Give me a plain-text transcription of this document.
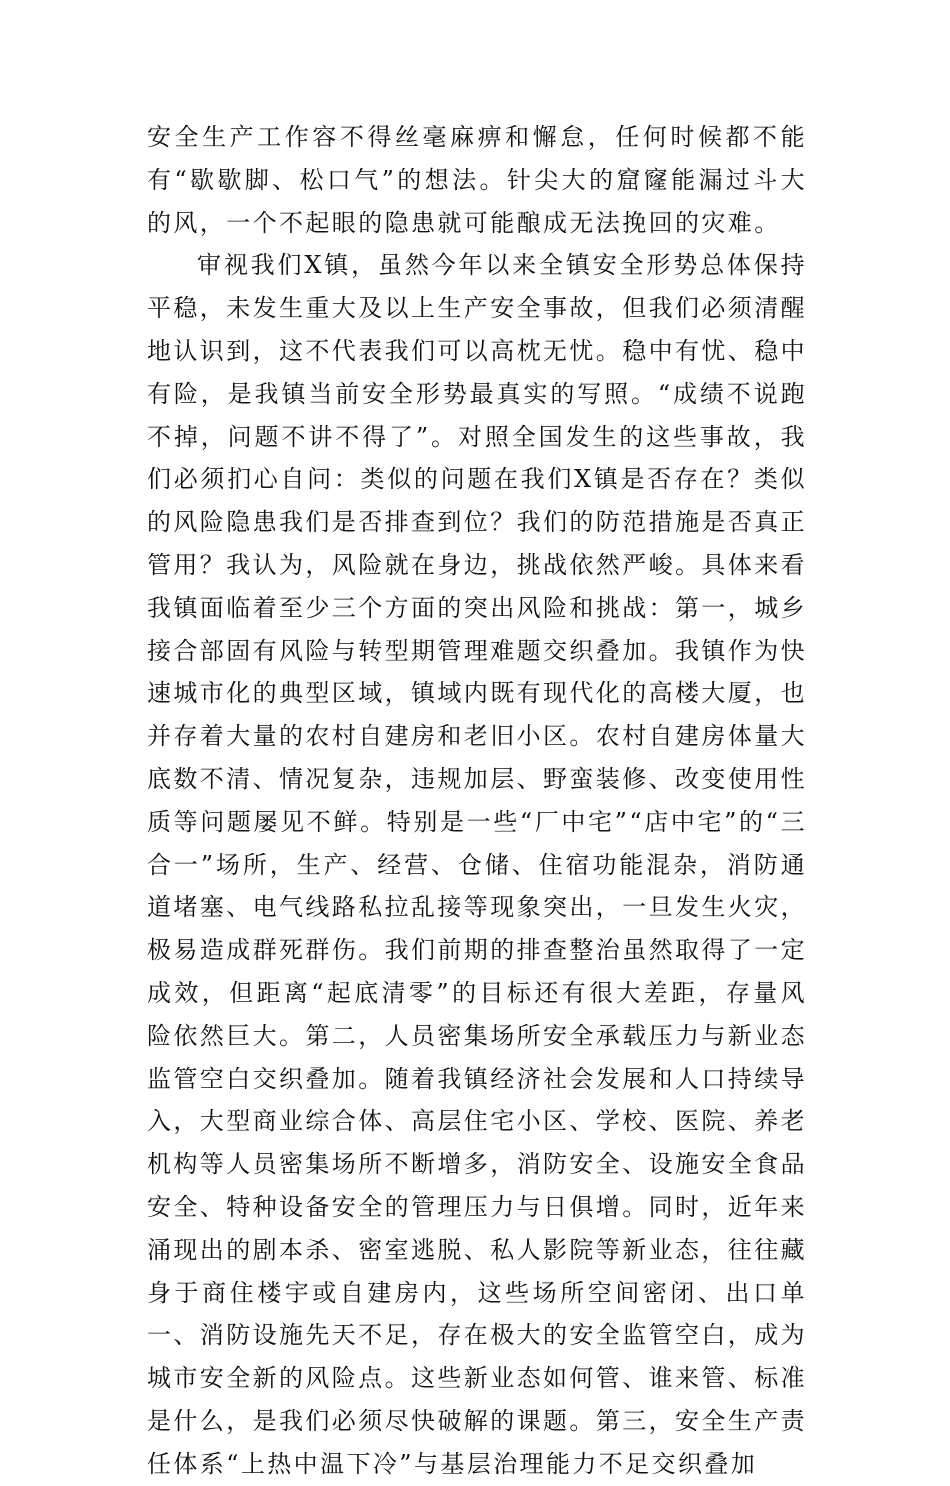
安全生产工作容不得丝毫麻痹和懈怠，任何时候都不能有“歇歇脚、松口气”的想法。针尖大的窟窿能漏过斗大的风，一个不起眼的隐患就可能酿成无法挽回的灾难。

审视我们X镇，虽然今年以来全镇安全形势总体保持平稳，未发生重大及以上生产安全事故，但我们必须清醒地认识到，这不代表我们可以高枕无忧。稳中有忧、稳中有险，是我镇当前安全形势最真实的写照。“成绩不说跑不掉，问题不讲不得了”。对照全国发生的这些事故，我们必须扪心自问：类似的问题在我们X镇是否存在？类似的风险隐患我们是否排查到位？我们的防范措施是否真正管用？我认为，风险就在身边，挑战依然严峻。具体来看我镇面临着至少三个方面的突出风险和挑战：第一，城乡接合部固有风险与转型期管理难题交织叠加。我镇作为快速城市化的典型区域，镇域内既有现代化的高楼大厦，也并存着大量的农村自建房和老旧小区。农村自建房体量大底数不清、情况复杂，违规加层、野蛮装修、改变使用性质等问题屡见不鲜。特别是一些“厂中宅”“店中宅”的“三合一”场所，生产、经营、仓储、住宿功能混杂，消防通道堵塞、电气线路私拉乱接等现象突出，一旦发生火灾，极易造成群死群伤。我们前期的排查整治虽然取得了一定成效，但距离“起底清零”的目标还有很大差距，存量风险依然巨大。第二，人员密集场所安全承载压力与新业态监管空白交织叠加。随着我镇经济社会发展和人口持续导入，大型商业综合体、高层住宅小区、学校、医院、养老机构等人员密集场所不断增多，消防安全、设施安全食品安全、特种设备安全的管理压力与日俱增。同时，近年来涌现出的剧本杀、密室逃脱、私人影院等新业态，往往藏身于商住楼宇或自建房内，这些场所空间密闭、出口单一、消防设施先天不足，存在极大的安全监管空白，成为城市安全新的风险点。这些新业态如何管、谁来管、标准是什么，是我们必须尽快破解的课题。第三，安全生产责任体系“上热中温下冷”与基层治理能力不足交织叠加
